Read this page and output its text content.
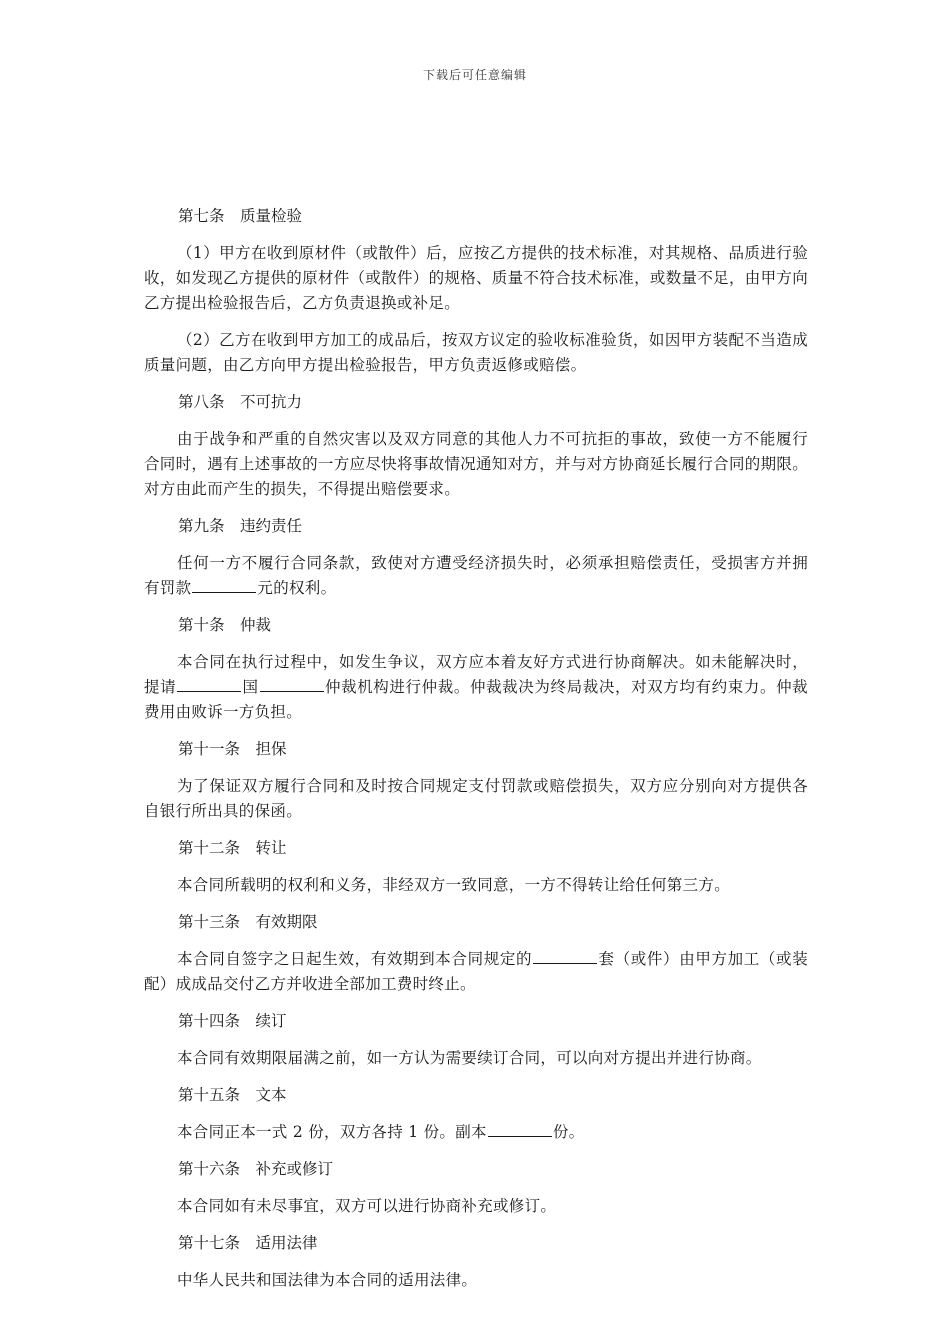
下载后可任意编辑
第七条　质量检验

（1）甲方在收到原材件（或散件）后，应按乙方提供的技术标准，对其规格、品质进行验收，如发现乙方提供的原材件（或散件）的规格、质量不符合技术标准，或数量不足，由甲方向乙方提出检验报告后，乙方负责退换或补足。

（2）乙方在收到甲方加工的成品后，按双方议定的验收标准验货，如因甲方装配不当造成质量问题，由乙方向甲方提出检验报告，甲方负责返修或赔偿。

第八条　不可抗力

由于战争和严重的自然灾害以及双方同意的其他人力不可抗拒的事故，致使一方不能履行合同时，遇有上述事故的一方应尽快将事故情况通知对方，并与对方协商延长履行合同的期限。对方由此而产生的损失，不得提出赔偿要求。

第九条　违约责任

任何一方不履行合同条款，致使对方遭受经济损失时，必须承担赔偿责任，受损害方并拥有罚款	元的权利。

第十条　仲裁

本合同在执行过程中，如发生争议，双方应本着友好方式进行协商解决。如未能解决时，提请	国	仲裁机构进行仲裁。仲裁裁决为终局裁决，对双方均有约束力。仲裁费用由败诉一方负担。

第十一条　担保

为了保证双方履行合同和及时按合同规定支付罚款或赔偿损失，双方应分别向对方提供各自银行所出具的保函。

第十二条　转让

本合同所载明的权利和义务，非经双方一致同意，一方不得转让给任何第三方。

第十三条　有效期限

本合同自签字之日起生效，有效期到本合同规定的	套（或件）由甲方加工（或装配）成成品交付乙方并收进全部加工费时终止。

第十四条　续订

本合同有效期限届满之前，如一方认为需要续订合同，可以向对方提出并进行协商。

第十五条　文本

本合同正本一式 2 份，双方各持 1 份。副本	份。

第十六条　补充或修订

本合同如有未尽事宜，双方可以进行协商补充或修订。

第十七条　适用法律

中华人民共和国法律为本合同的适用法律。
